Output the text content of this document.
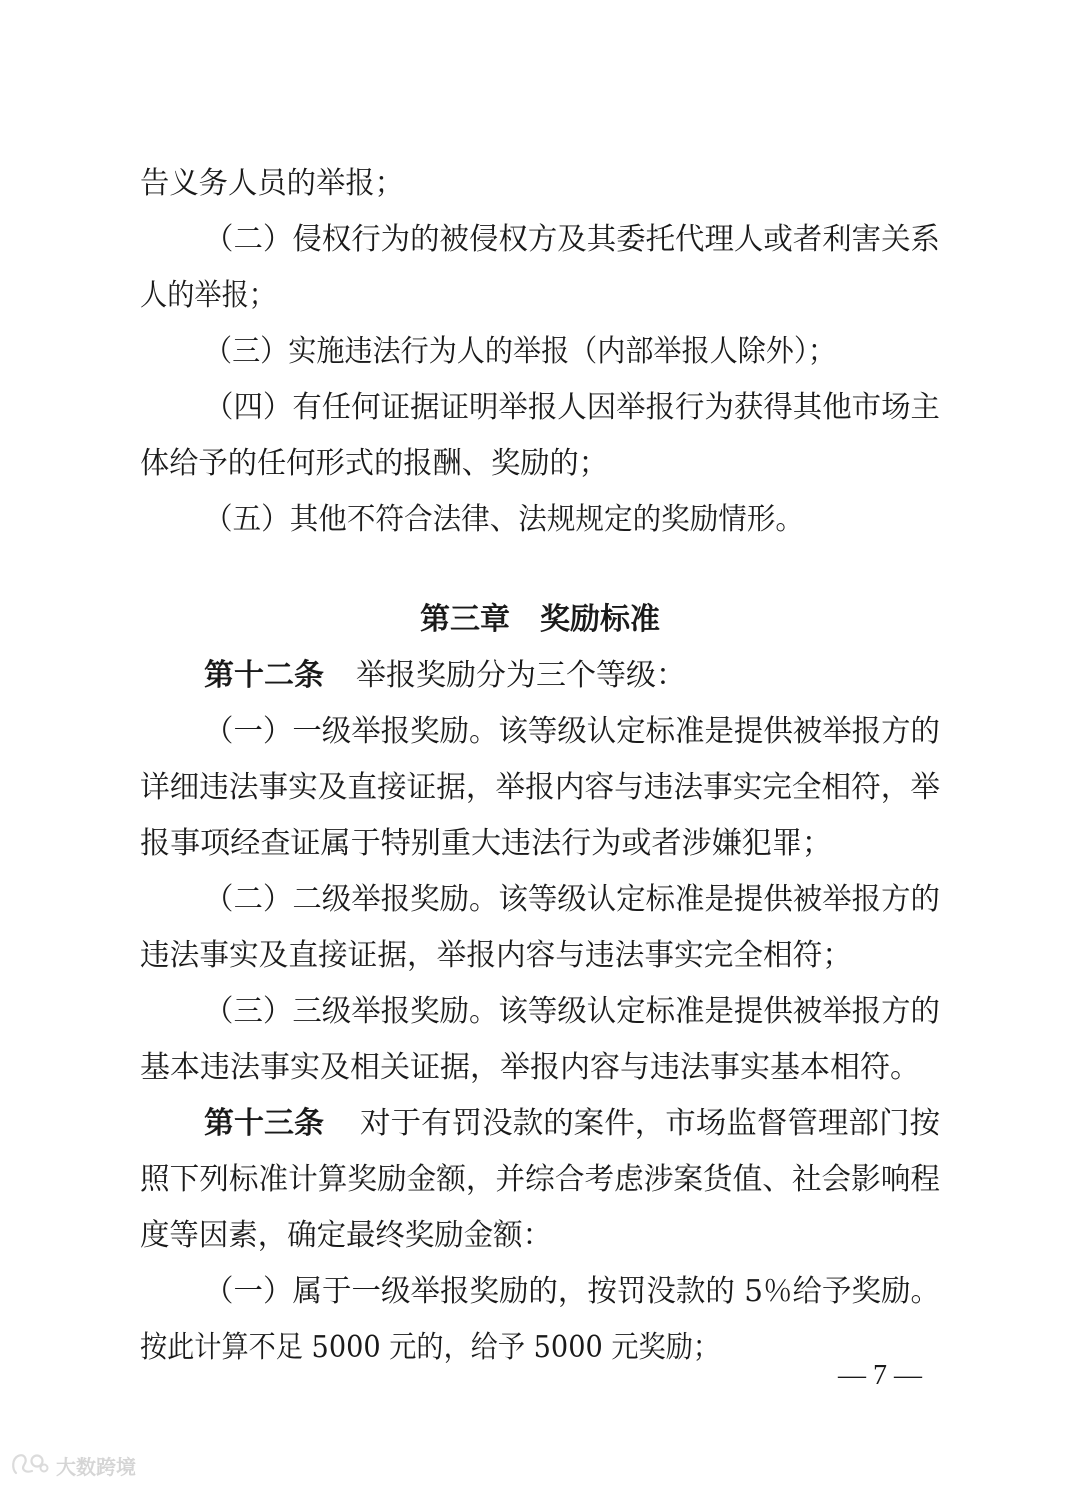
告义务人员的举报；
（二）侵权行为的被侵权方及其委托代理人或者利害关系
人的举报；
（三）实施违法行为人的举报（内部举报人除外）；
（四）有任何证据证明举报人因举报行为获得其他市场主
体给予的任何形式的报酬、奖励的；
（五）其他不符合法律、法规规定的奖励情形。
第三章　奖励标准
第十二条 举报奖励分为三个等级：
（一）一级举报奖励。该等级认定标准是提供被举报方的
详细违法事实及直接证据，举报内容与违法事实完全相符，举
报事项经查证属于特别重大违法行为或者涉嫌犯罪；
（二）二级举报奖励。该等级认定标准是提供被举报方的
违法事实及直接证据，举报内容与违法事实完全相符；
（三）三级举报奖励。该等级认定标准是提供被举报方的
基本违法事实及相关证据，举报内容与违法事实基本相符。
第十三条 对于有罚没款的案件，市场监督管理部门按
照下列标准计算奖励金额，并综合考虑涉案货值、社会影响程
度等因素，确定最终奖励金额：
（一）属于一级举报奖励的，按罚没款的 5％给予奖励。
按此计算不足 5000 元的，给予 5000 元奖励；
— 7 —
大数跨境
